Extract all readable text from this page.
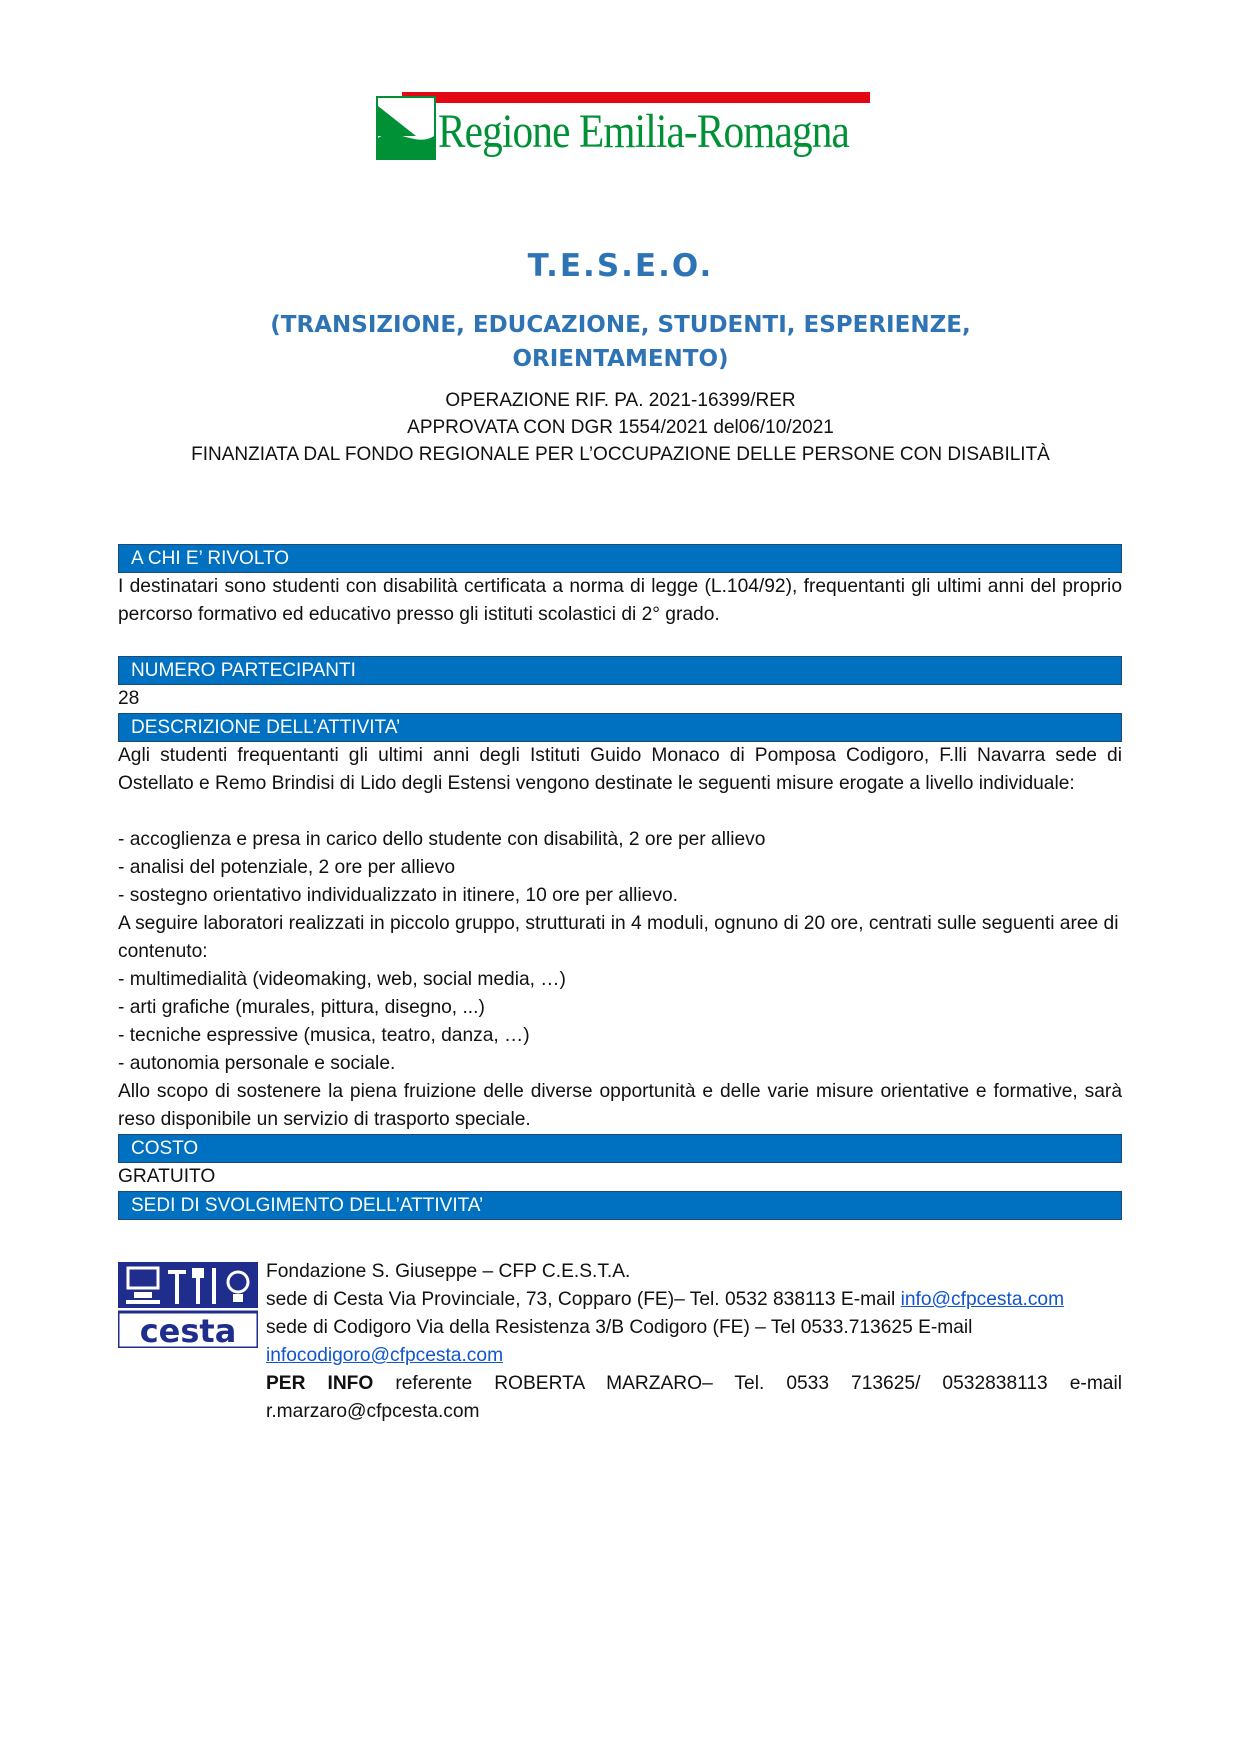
Regione Emilia-Romagna
T.E.S.E.O.
(TRANSIZIONE, EDUCAZIONE, STUDENTI, ESPERIENZE, ORIENTAMENTO)
OPERAZIONE RIF. PA. 2021-16399/RER
APPROVATA CON DGR 1554/2021 del06/10/2021
FINANZIATA DAL FONDO REGIONALE PER L’OCCUPAZIONE DELLE PERSONE CON DISABILITÀ
A CHI E’ RIVOLTO
I destinatari sono studenti con disabilità certificata a norma di legge (L.104/92), frequentanti gli ultimi anni del proprio percorso formativo ed educativo presso gli istituti scolastici di 2° grado.
NUMERO PARTECIPANTI
28
DESCRIZIONE DELL’ATTIVITA’
Agli studenti frequentanti gli ultimi anni degli Istituti Guido Monaco di Pomposa Codigoro, F.lli Navarra sede di Ostellato e Remo Brindisi di Lido degli Estensi vengono destinate le seguenti misure erogate a livello individuale:
- accoglienza e presa in carico dello studente con disabilità, 2 ore per allievo
- analisi del potenziale, 2 ore per allievo
- sostegno orientativo individualizzato in itinere, 10 ore per allievo.
A seguire laboratori realizzati in piccolo gruppo, strutturati in 4 moduli, ognuno di 20 ore, centrati sulle seguenti aree di contenuto:
- multimedialità (videomaking, web, social media, …)
- arti grafiche (murales, pittura, disegno, ...)
- tecniche espressive (musica, teatro, danza, …)
- autonomia personale e sociale.
Allo scopo di sostenere la piena fruizione delle diverse opportunità e delle varie misure orientative e formative, sarà reso disponibile un servizio di trasporto speciale.
COSTO
GRATUITO
SEDI DI SVOLGIMENTO DELL’ATTIVITA’
cesta
Fondazione S. Giuseppe – CFP C.E.S.T.A.
sede di Cesta Via Provinciale, 73, Copparo (FE)– Tel. 0532 838113 E-mail info@cfpcesta.com
sede di Codigoro Via della Resistenza 3/B Codigoro (FE) – Tel 0533.713625 E-mail
infocodigoro@cfpcesta.com
PER INFO referente ROBERTA MARZARO– Tel. 0533 713625/ 0532838113 e-mail r.marzaro@cfpcesta.com
